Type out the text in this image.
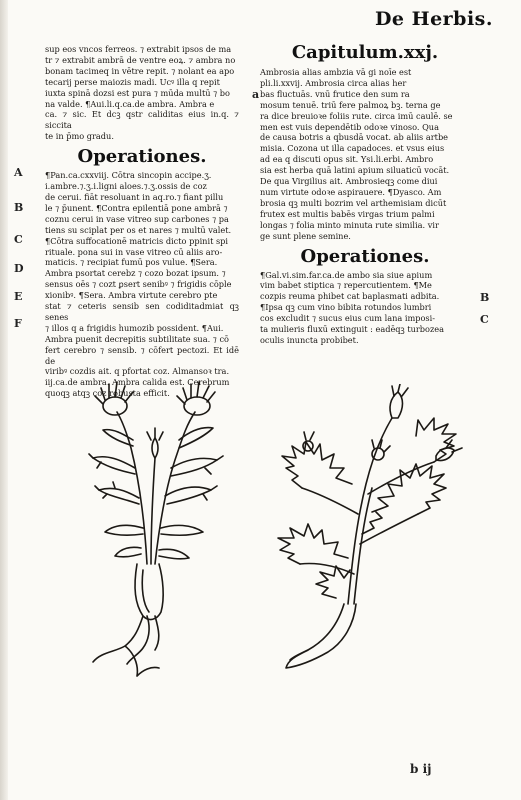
De Herbis.
sup eos vncos ferreos. ⁊ extrabit ipsos de ma
tr ⁊ extrabit ambrā de ventre eoꝝ. ⁊ ambra no
bonam tacimeq in vētre repit. ⁊ nolant ea apo
tecarij perse maiozis madi. Ucꝰ illa q repit
iuxta spinā dozsi est pura ⁊ mūda multū ⁊ bo
na valde. ¶Aui.li.q.ca.de ambra. Ambra e
ca. ⁊ sic. Et dcꝫ qstr caliditas eius in.q. ⁊ siccita
te in p̄mo gradu.
Operationes.
¶Pan.ca.cxxviij. Cōtra sincopin accipe.ʒ.
i.ambre.⁊.ʒ.i.ligni aloes.⁊.ʒ.ossis de coz
de cerui. fiāt resoluant in aq.ro.⁊ fiant pillu
le ⁊ p̄unent. ¶Contra epilentiā pone ambrā ⁊
coznu cerui in vase vitreo sup carbones ⁊ pa
tiens su sciplat per os et nares ⁊ multū valet.
¶Cōtra suffocationē matricis dicto ppinit spi
rituale. pona sui in vase vitreo cū aliis aro-
maticis. ⁊ recipiat fumū pos vulue. ¶Sera.
Ambra psortat cerebz ⁊ cozo bozat ipsum. ⁊
sensus oēs ⁊ cozt ꝑsert senibꝰ ⁊ frigidis cōple
xionibꝰ. ¶Sera. Ambra virtute cerebro pte
stat ⁊ ceteris sensib sen codiditadmiat qꝫ senes
⁊ illos q a frigidis humozib possident. ¶Aui.
Ambra puenit decrepitis subtilitate sua. ⁊ cō
fert cerebro ⁊ sensib. ⁊ cōfert pectozi. Et idē de
viribꝰ cozdis ait. q pfortat coz. Almansoꝛ tra.
iij.ca.de ambra. Ambra calida est. Cerebrum
quoqꝫ atqꝫ coz robusta efficit.
A
B
C
D
E
F
Capitulum.xxj.
Ambrosia alias ambzia vā gi noīe est
pli.li.xxvij. Ambrosia circa alias her
bas fluctuās. vnū frutice den sum ra
mosum tenuē. triū fere palmoꝝ bꝫ. terna ge
ra dice breuioꝛe foliis rute. circa imū caulē. se
men est vuis dependētib odoꝛe vinoso. Qua
de causa botris a qbusdā vocat. ab aliis artbe
misia. Cozona ut illa capadoces. et vsus eius
ad ea q discuti opus sit. Ysi.li.erbi. Ambro
sia est herba quā latini apium siluaticū vocāt.
De qua Virgilius ait. Ambrosieqꝫ come diui
num virtute odoꝛe aspirauere. ¶Dyasco. Am
brosia qꝫ multi bozrim vel arthemisiam dicūt
frutex est multis babēs virgas trium palmi
longas ⁊ folia minto minuta rute similia. vir
ge sunt plene semine.
Operationes.
¶Gal.vi.sim.far.ca.de ambo sia siue apium
vim babet stiptica ⁊ repercutientem. ¶Me
cozpis reuma phibet cat baplasmati adbita.
¶Ipsa qꝫ cum vino bibita rotundos lumbri
cos excludit ⁊ sucus eius cum lana imposi-
ta mulieris fluxū extinguit : eadēqꝫ turbozea
oculis inuncta probibet.
a
B
C
b ij
